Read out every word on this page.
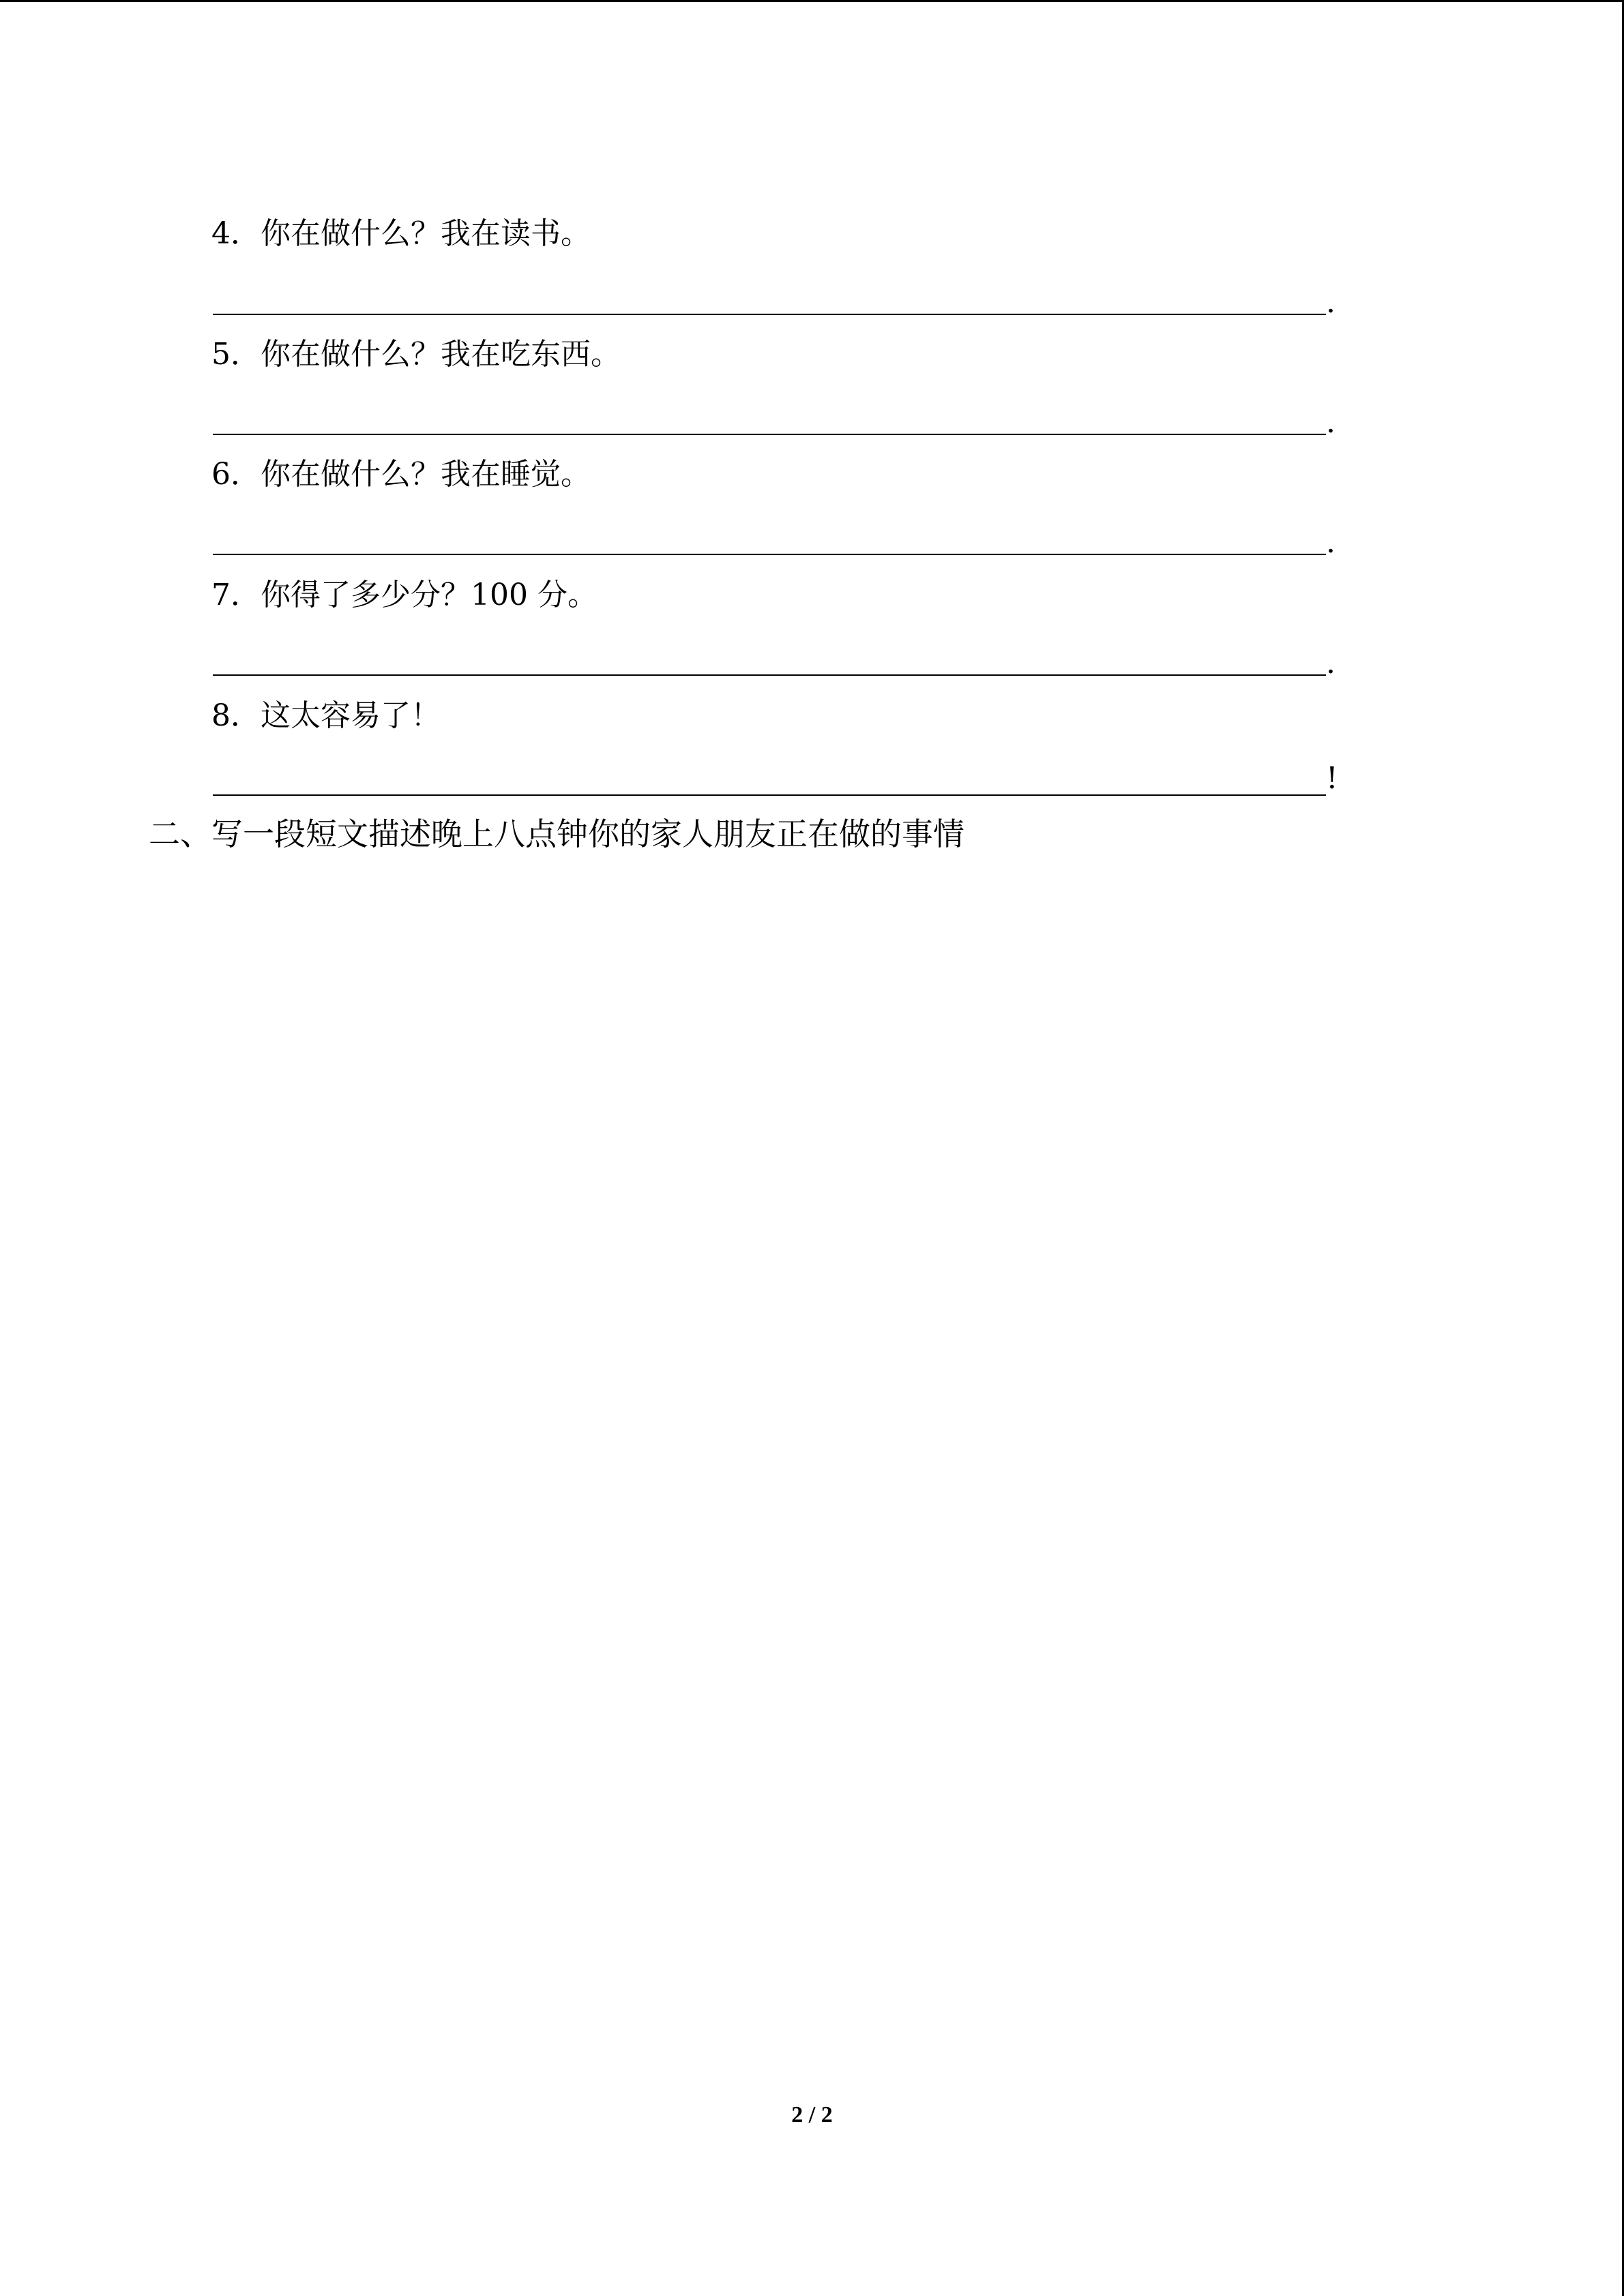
4．你在做什么？我在读书。
.
5．你在做什么？我在吃东西。
.
6．你在做什么？我在睡觉。
.
7．你得了多少分？100 分。
.
8．这太容易了！
!
二、写一段短文描述晚上八点钟你的家人朋友正在做的事情
2 / 2
